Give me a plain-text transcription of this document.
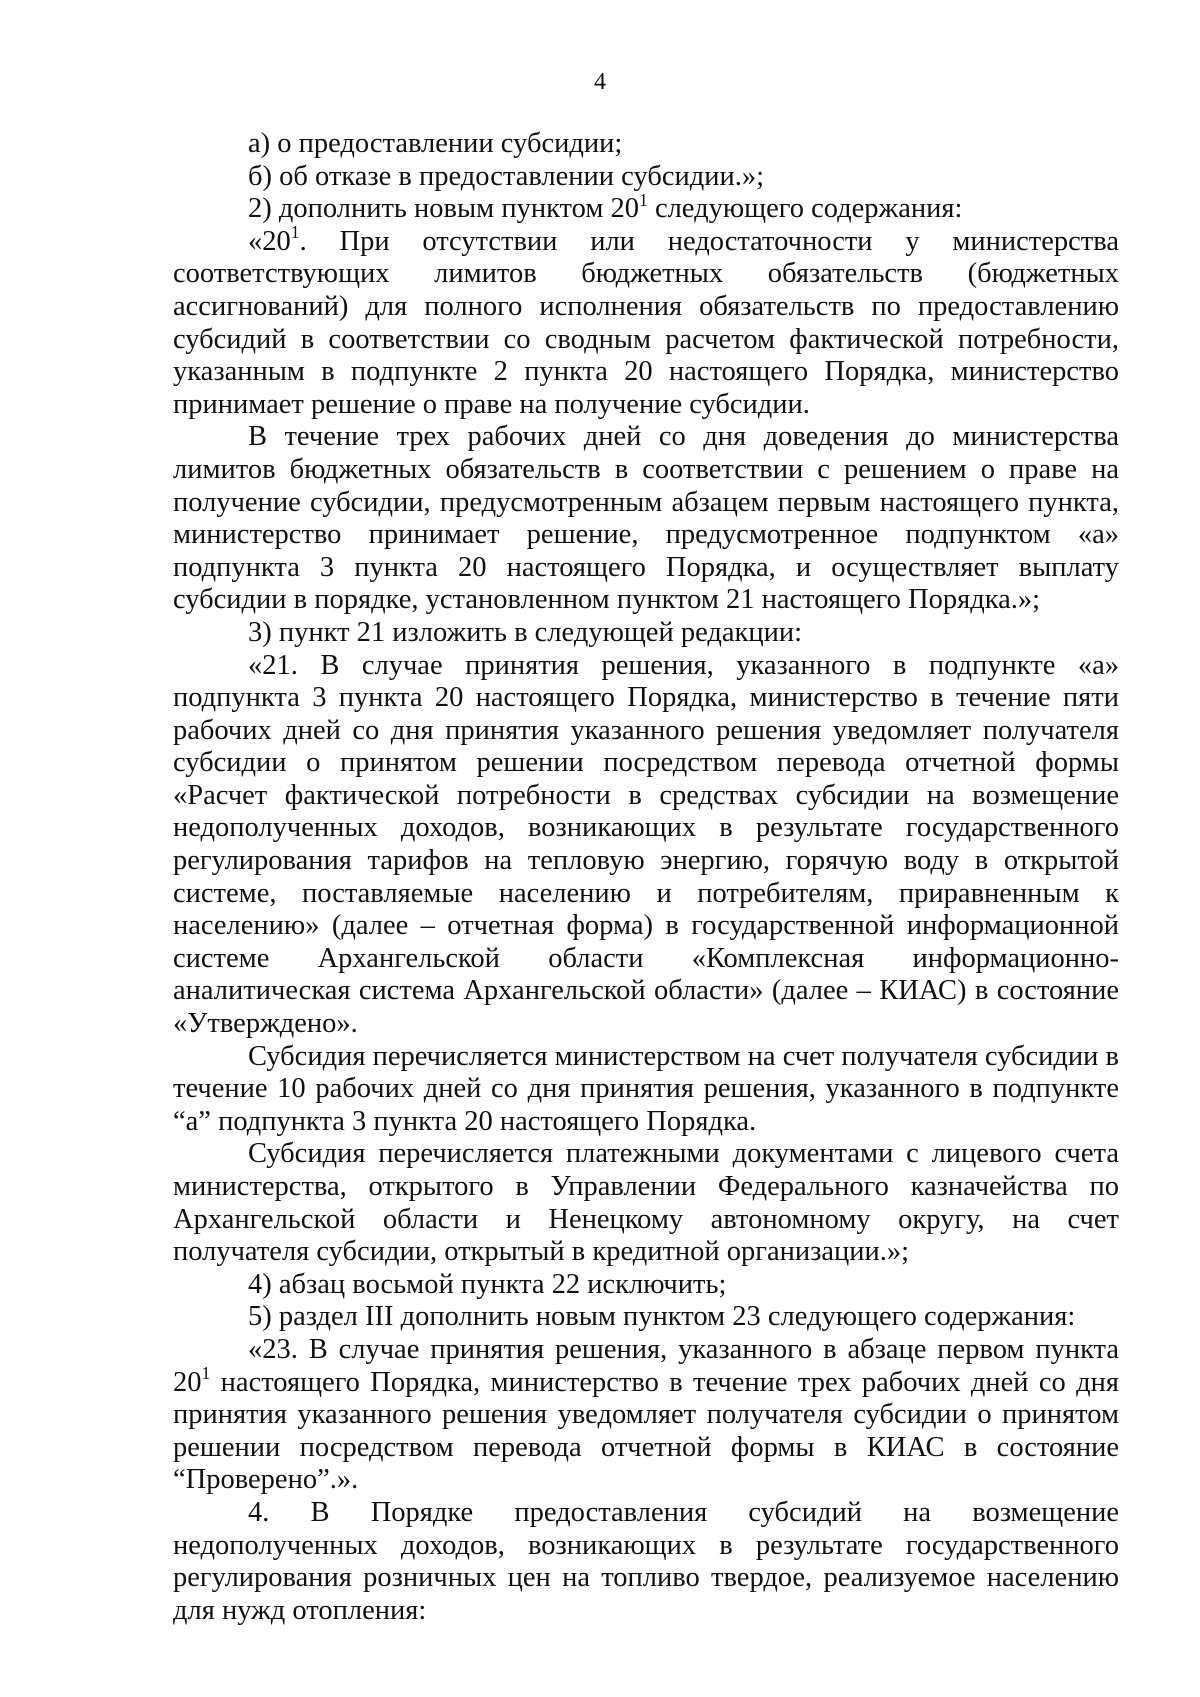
4

а) о предоставлении субсидии;

б) об отказе в предоставлении субсидии.»;

2) дополнить новым пунктом $20^1$ следующего содержания:

«$20^1$. При отсутствии или недостаточности у министерства соответствующих лимитов бюджетных обязательств (бюджетных ассигнований) для полного исполнения обязательств по предоставлению субсидий в соответствии со сводным расчетом фактической потребности, указанным в подпункте 2 пункта 20 настоящего Порядка, министерство принимает решение о праве на получение субсидии.

В течение трех рабочих дней со дня доведения до министерства лимитов бюджетных обязательств в соответствии с решением о праве на получение субсидии, предусмотренным абзацем первым настоящего пункта, министерство принимает решение, предусмотренное подпунктом «а» подпункта 3 пункта 20 настоящего Порядка, и осуществляет выплату субсидии в порядке, установленном пунктом 21 настоящего Порядка.»;

3) пункт 21 изложить в следующей редакции:

«21. В случае принятия решения, указанного в подпункте «а» подпункта 3 пункта 20 настоящего Порядка, министерство в течение пяти рабочих дней со дня принятия указанного решения уведомляет получателя субсидии о принятом решении посредством перевода отчетной формы «Расчет фактической потребности в средствах субсидии на возмещение недополученных доходов, возникающих в результате государственного регулирования тарифов на тепловую энергию, горячую воду в открытой системе, поставляемые населению и потребителям, приравненным к населению» (далее – отчетная форма) в государственной информационной системе Архангельской области «Комплексная информационно-аналитическая система Архангельской области» (далее – КИАС) в состояние «Утверждено».

Субсидия перечисляется министерством на счет получателя субсидии в течение 10 рабочих дней со дня принятия решения, указанного в подпункте “а” подпункта 3 пункта 20 настоящего Порядка.

Субсидия перечисляется платежными документами с лицевого счета министерства, открытого в Управлении Федерального казначейства по Архангельской области и Ненецкому автономному округу, на счет получателя субсидии, открытый в кредитной организации.»;

4) абзац восьмой пункта 22 исключить;

5) раздел III дополнить новым пунктом 23 следующего содержания:

«23. В случае принятия решения, указанного в абзаце первом пункта $20^1$ настоящего Порядка, министерство в течение трех рабочих дней со дня принятия указанного решения уведомляет получателя субсидии о принятом решении посредством перевода отчетной формы в КИАС в состояние “Проверено”.».

4. В Порядке предоставления субсидий на возмещение недополученных доходов, возникающих в результате государственного регулирования розничных цен на топливо твердое, реализуемое населению для нужд отопления:
